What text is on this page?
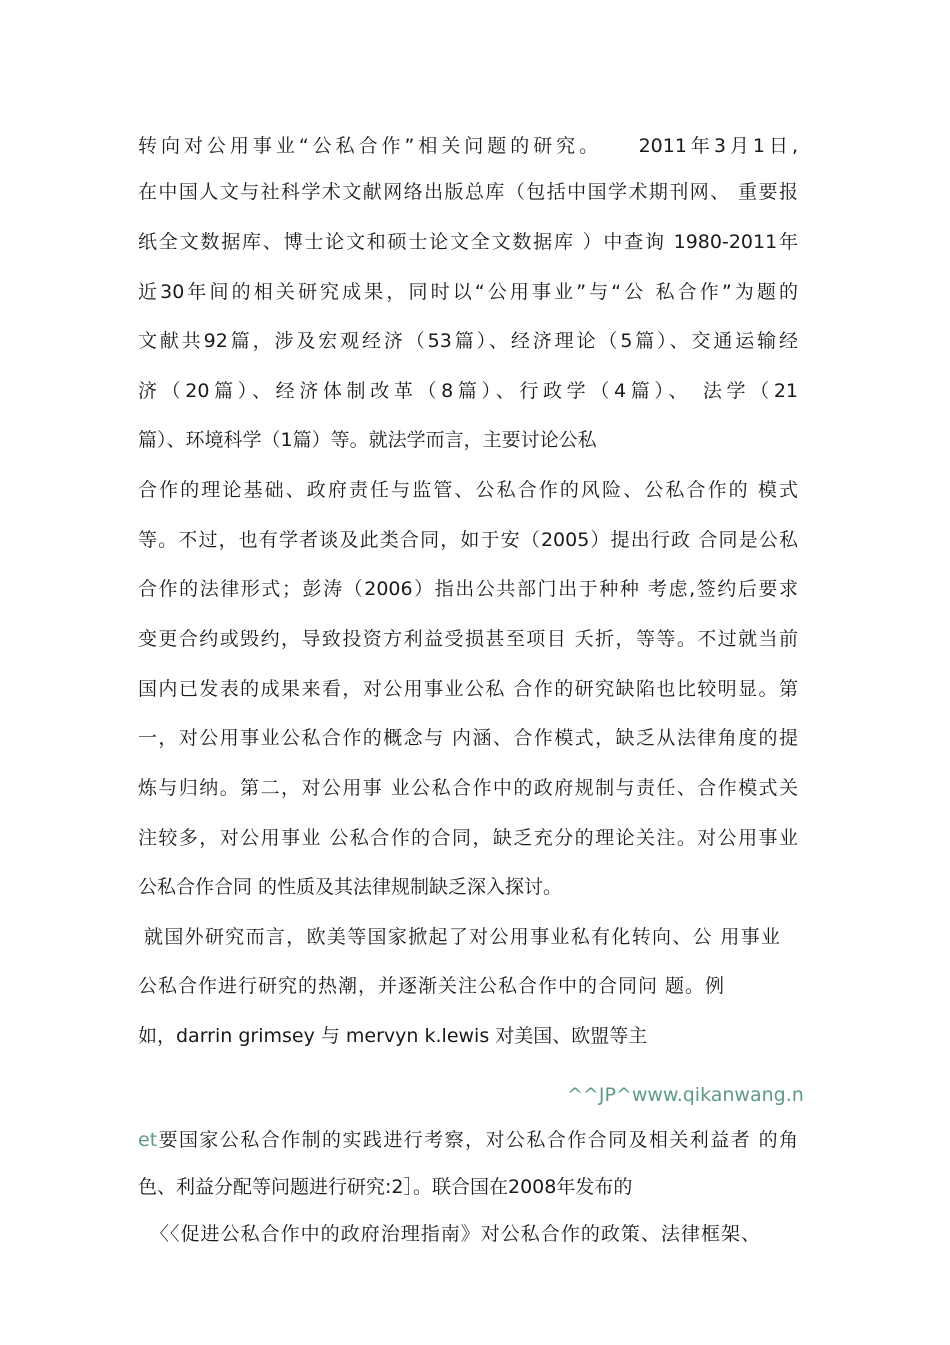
转向对公用事业“公私合作”相关问题的研究。　　2011年3月1日,
在中国人文与社科学术文献网络出版总库（包括中国学术期刊网、 重要报
纸全文数据库、博士论文和硕士论文全文数据库 ）中查询 1980-2011年
近30年间的相关研究成果，同时以“公用事业”与“公 私合作”为题的
文献共92篇，涉及宏观经济（53篇）、经济理论（5篇）、交通运输经
济（20篇）、经济体制改革（8篇）、行政学（4篇）、 法学（21
篇）、环境科学（1篇）等。就法学而言，主要讨论公私
合作的理论基础、政府责任与监管、公私合作的风险、公私合作的 模式
等。不过，也有学者谈及此类合同，如于安（2005）提出行政 合同是公私
合作的法律形式；彭涛（2006）指出公共部门出于种种 考虑,签约后要求
变更合约或毁约，导致投资方利益受损甚至项目 夭折，等等。不过就当前
国内已发表的成果来看，对公用事业公私 合作的研究缺陷也比较明显。第
一，对公用事业公私合作的概念与 内涵、合作模式，缺乏从法律角度的提
炼与归纳。第二，对公用事 业公私合作中的政府规制与责任、合作模式关
注较多，对公用事业 公私合作的合同，缺乏充分的理论关注。对公用事业
公私合作合同 的性质及其法律规制缺乏深入探讨。
就国外研究而言，欧美等国家掀起了对公用事业私有化转向、公 用事业
公私合作进行研究的热潮，并逐渐关注公私合作中的合同问 题。例
如，darrin grimsey 与 mervyn k.lewis 对美国、欧盟等主
^^JP^www.qikanwang.n
et要国家公私合作制的实践进行考察，对公私合作合同及相关利益者 的角
色、利益分配等问题进行研究:2］。联合国在2008年发布的
〈〈促进公私合作中的政府治理指南》对公私合作的政策、法律框架、
